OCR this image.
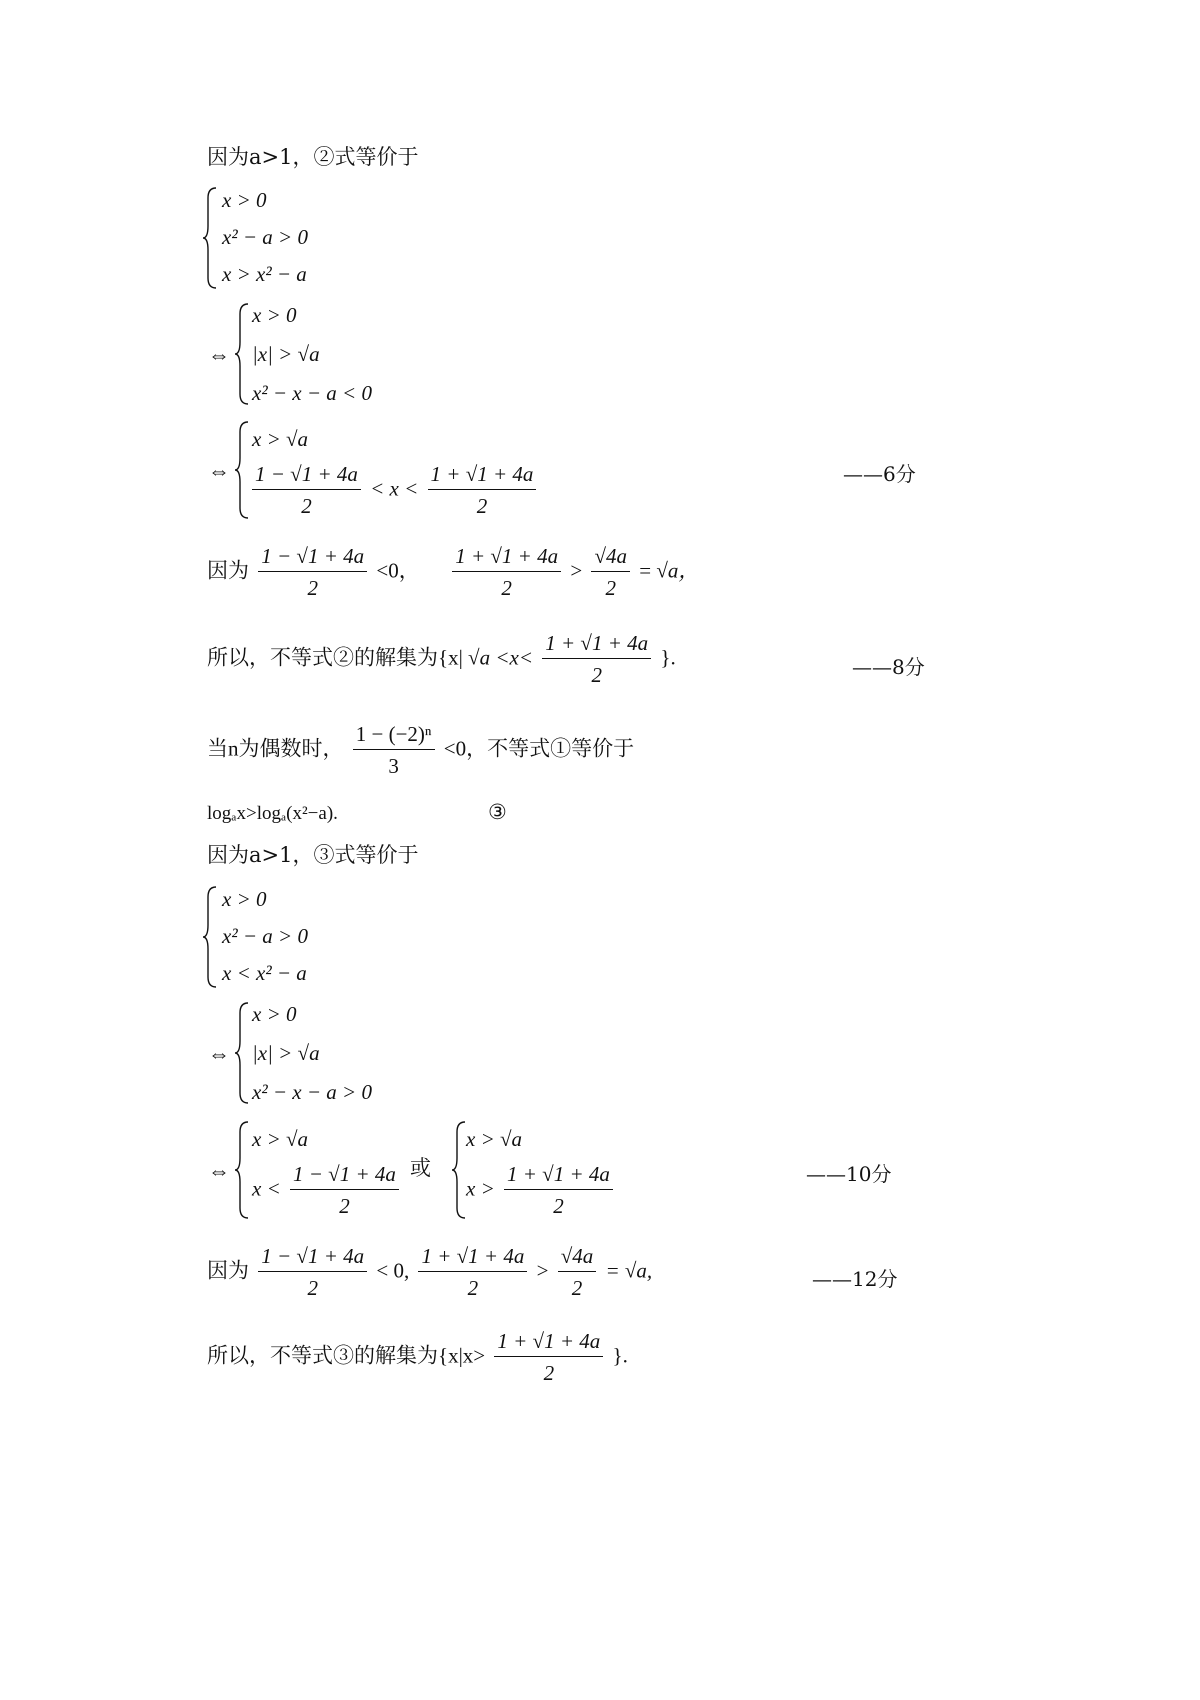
因为a>1，②式等价于
x > 0
x² − a > 0
x > x² − a
⇔
x > 0
|x| > √a
x² − x − a < 0
⇔
x > √a
$\frac{1 - √1 + 4a}{2} < x < \frac{1 + √1 + 4a}{2}$	——6分
因为 $\frac{1 - √1 + 4a}{2} <0$， $\frac{1 + √1 + 4a}{2} > \frac{√4a}{2} = √a$，
所以，不等式②的解集为{x| $√a <x< \frac{1 + √1 + 4a}{2}$ }.	——8分
当n为偶数时， $\frac{\text{1 − (−2)ⁿ}}{3} <0$，不等式①等价于
logₐx>logₐ(x²−a).	③
因为a>1，③式等价于
x > 0
x² − a > 0
x < x² − a
⇔
x > 0
|x| > √a
x² − x − a > 0
⇔
x > √a
$x < \frac{1 - √1 + 4a}{2}$ 或
x > √a
$x > \frac{1 + √1 + 4a}{2}$	——10分
因为 $\frac{1 - √1 + 4a}{2} < 0$, $\frac{1 + √1 + 4a}{2} > \frac{√4a}{2} = √a$,	——12分
所以，不等式③的解集为{$x|x> \frac{1 + √1 + 4a}{2}$ }.
